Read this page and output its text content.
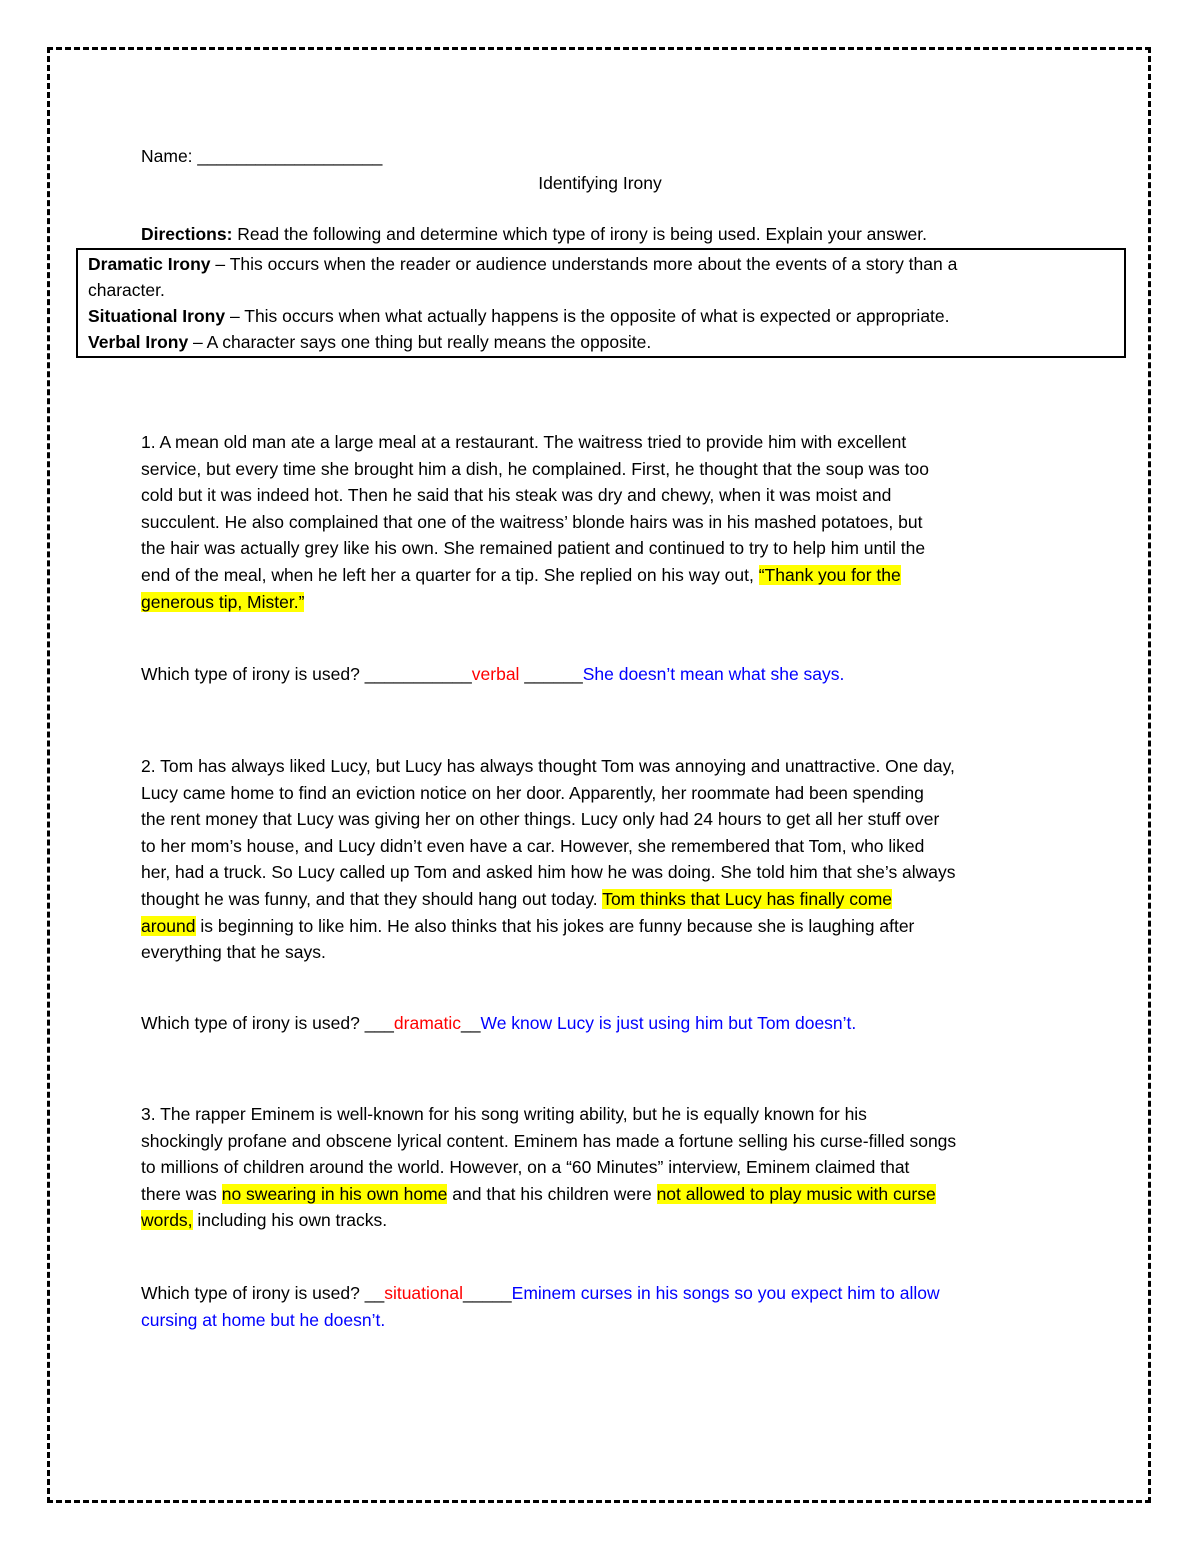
Name: ___________________
Identifying Irony
Directions: Read the following and determine which type of irony is being used. Explain your answer.
Dramatic Irony – This occurs when the reader or audience understands more about the events of a story than a
character.
Situational Irony – This occurs when what actually happens is the opposite of what is expected or appropriate.
Verbal Irony – A character says one thing but really means the opposite.
1. A mean old man ate a large meal at a restaurant. The waitress tried to provide him with excellent
service, but every time she brought him a dish, he complained. First, he thought that the soup was too
cold but it was indeed hot. Then he said that his steak was dry and chewy, when it was moist and
succulent. He also complained that one of the waitress’ blonde hairs was in his mashed potatoes, but
the hair was actually grey like his own. She remained patient and continued to try to help him until the
end of the meal, when he left her a quarter for a tip. She replied on his way out, “Thank you for the
generous tip, Mister.”
Which type of irony is used? ___________verbal ______She doesn’t mean what she says.
2. Tom has always liked Lucy, but Lucy has always thought Tom was annoying and unattractive. One day,
Lucy came home to find an eviction notice on her door. Apparently, her roommate had been spending
the rent money that Lucy was giving her on other things. Lucy only had 24 hours to get all her stuff over
to her mom’s house, and Lucy didn’t even have a car. However, she remembered that Tom, who liked
her, had a truck. So Lucy called up Tom and asked him how he was doing. She told him that she’s always
thought he was funny, and that they should hang out today. Tom thinks that Lucy has finally come
around is beginning to like him. He also thinks that his jokes are funny because she is laughing after
everything that he says.
Which type of irony is used? ___dramatic__We know Lucy is just using him but Tom doesn’t.
3. The rapper Eminem is well-known for his song writing ability, but he is equally known for his
shockingly profane and obscene lyrical content. Eminem has made a fortune selling his curse-filled songs
to millions of children around the world. However, on a “60 Minutes” interview, Eminem claimed that
there was no swearing in his own home and that his children were not allowed to play music with curse
words, including his own tracks.
Which type of irony is used? __situational_____Eminem curses in his songs so you expect him to allow
cursing at home but he doesn’t.
